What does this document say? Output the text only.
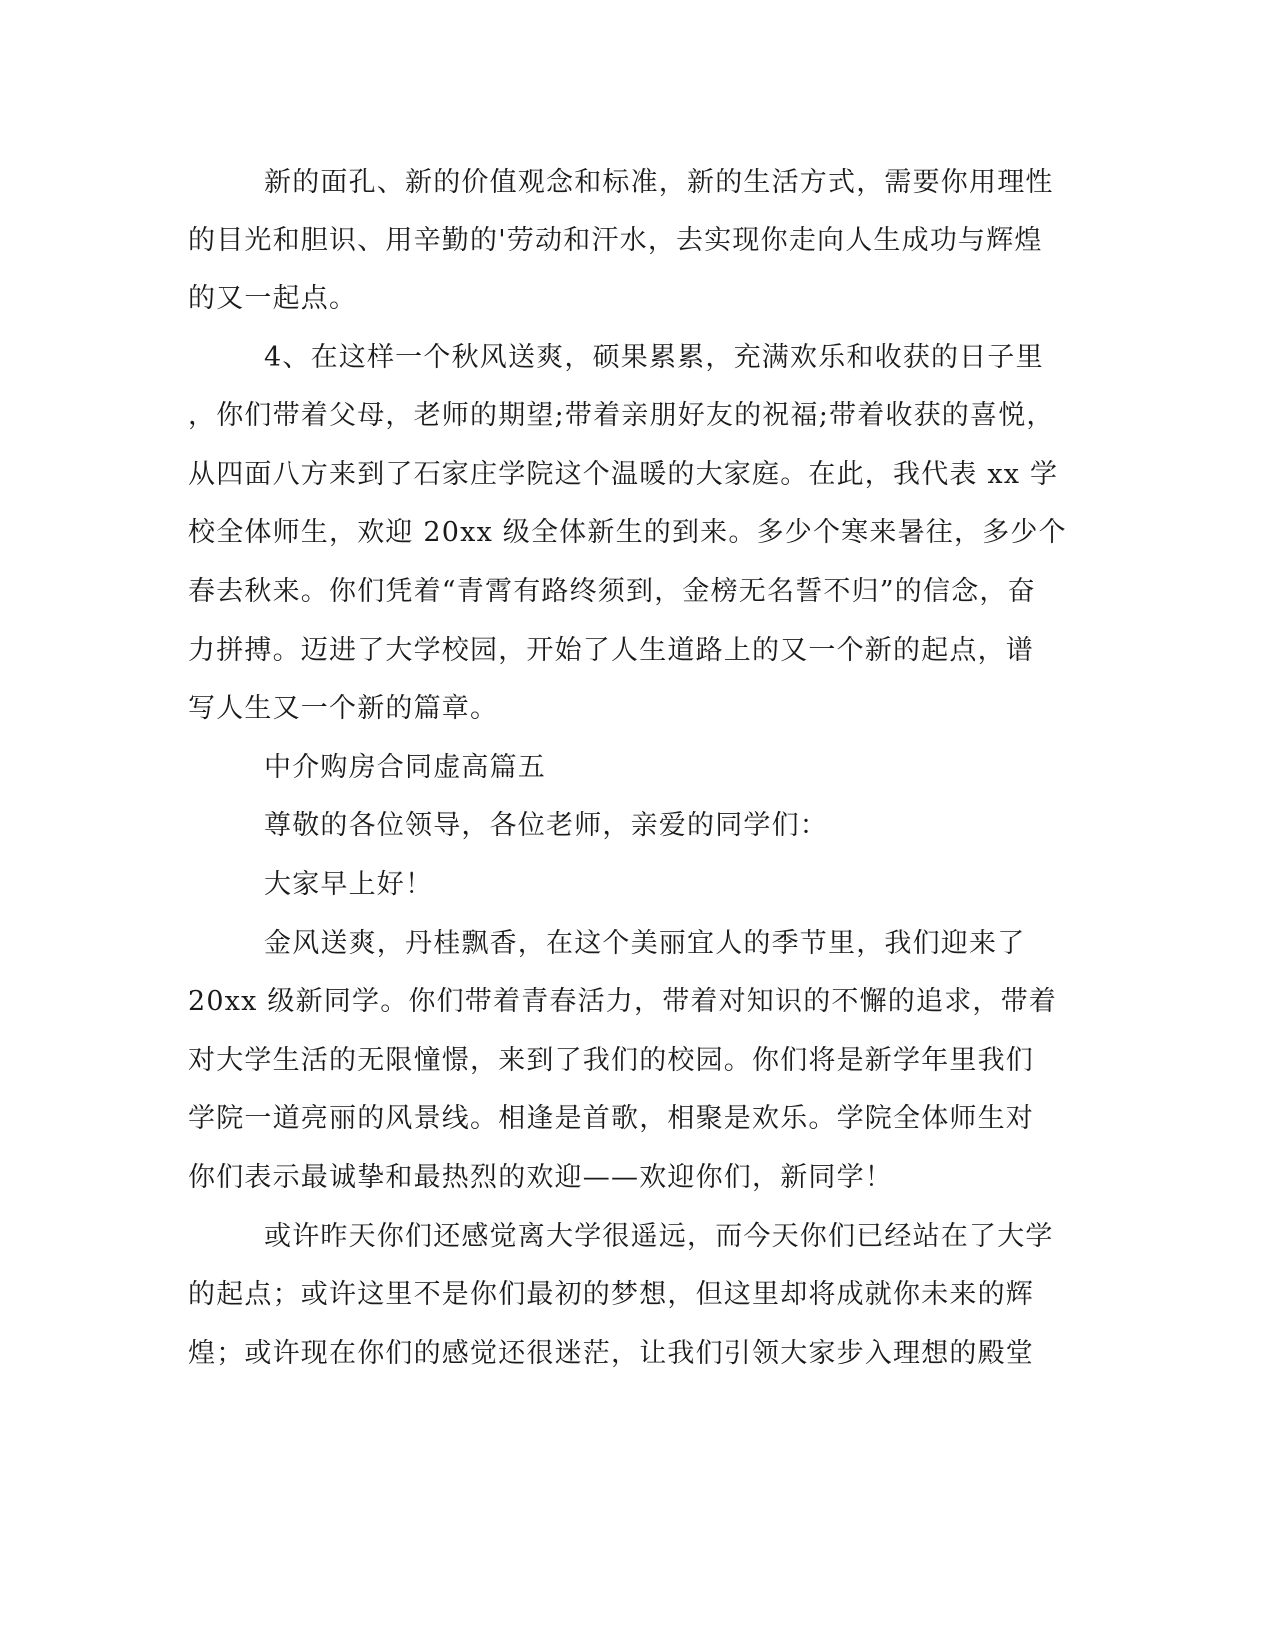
新的面孔、新的价值观念和标准，新的生活方式，需要你用理性
的目光和胆识、用辛勤的'劳动和汗水，去实现你走向人生成功与辉煌
的又一起点。
4、在这样一个秋风送爽，硕果累累，充满欢乐和收获的日子里
，你们带着父母，老师的期望;带着亲朋好友的祝福;带着收获的喜悦，
从四面八方来到了石家庄学院这个温暖的大家庭。在此，我代表 xx 学
校全体师生，欢迎 20xx 级全体新生的到来。多少个寒来暑往，多少个
春去秋来。你们凭着“青霄有路终须到，金榜无名誓不归”的信念，奋
力拼搏。迈进了大学校园，开始了人生道路上的又一个新的起点，谱
写人生又一个新的篇章。
中介购房合同虚高篇五
尊敬的各位领导，各位老师，亲爱的同学们：
大家早上好！
金风送爽，丹桂飘香，在这个美丽宜人的季节里，我们迎来了
20xx 级新同学。你们带着青春活力，带着对知识的不懈的追求，带着
对大学生活的无限憧憬，来到了我们的校园。你们将是新学年里我们
学院一道亮丽的风景线。相逢是首歌，相聚是欢乐。学院全体师生对
你们表示最诚挚和最热烈的欢迎——欢迎你们，新同学！
或许昨天你们还感觉离大学很遥远，而今天你们已经站在了大学
的起点；或许这里不是你们最初的梦想，但这里却将成就你未来的辉
煌；或许现在你们的感觉还很迷茫，让我们引领大家步入理想的殿堂
